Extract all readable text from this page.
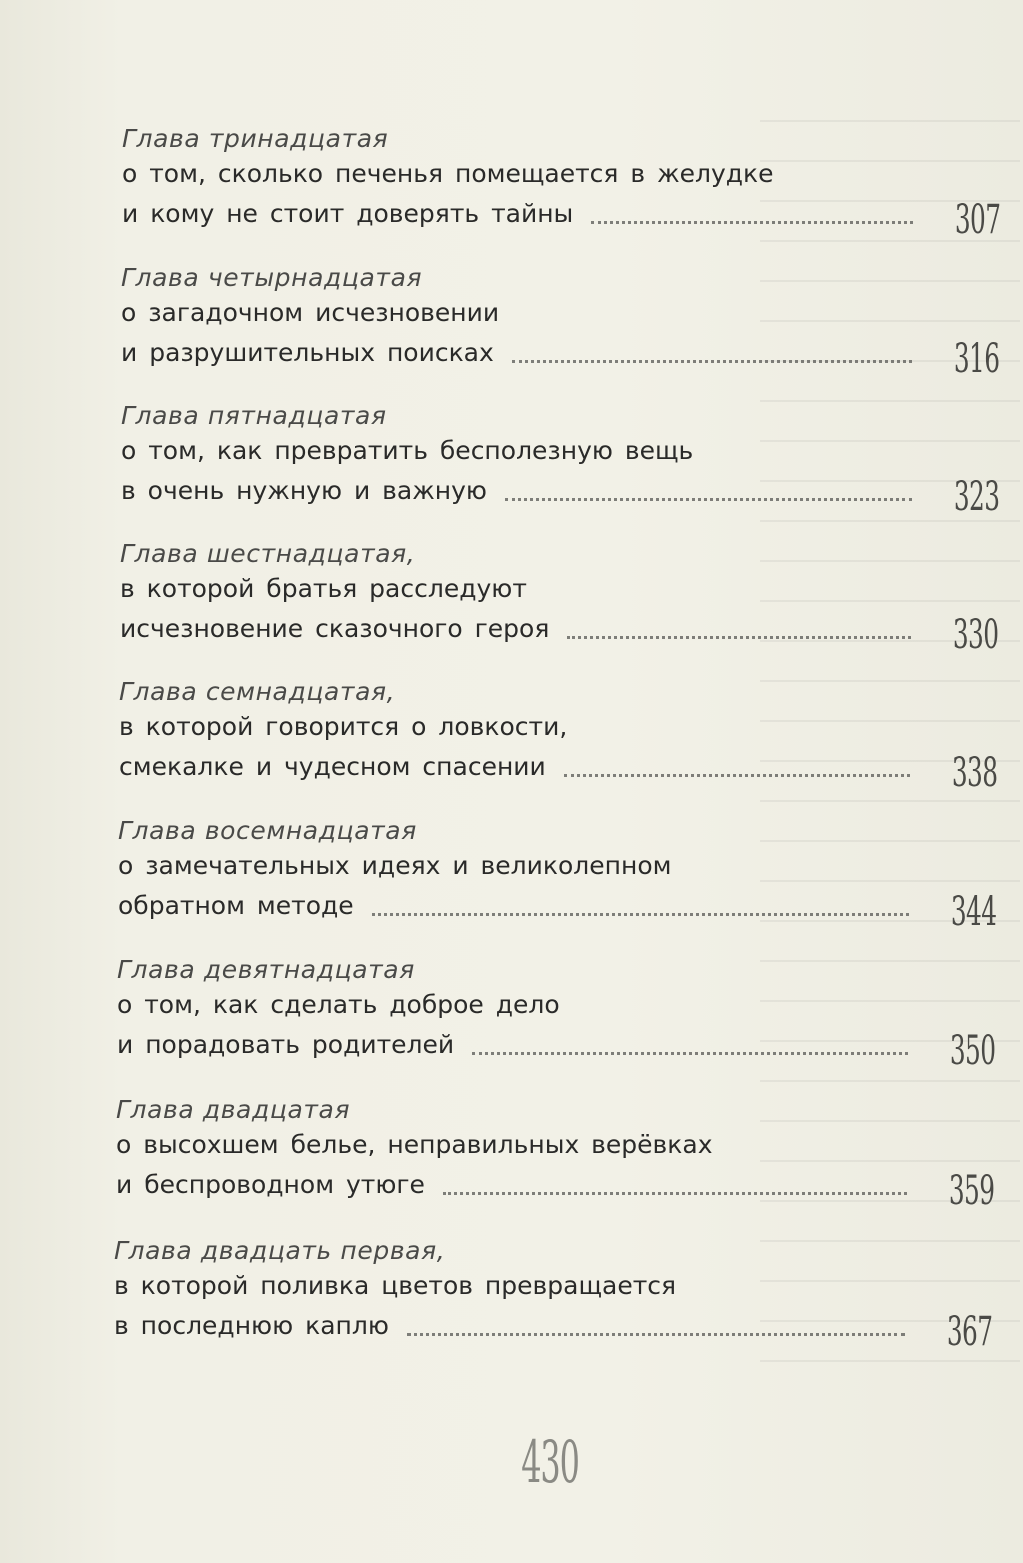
Глава тринадцатая
о том, сколько печенья помещается в желудке
и кому не стоит доверять тайны	307
Глава четырнадцатая
о загадочном исчезновении
и разрушительных поисках	316
Глава пятнадцатая
о том, как превратить бесполезную вещь
в очень нужную и важную	323
Глава шестнадцатая,
в которой братья расследуют
исчезновение сказочного героя	330
Глава семнадцатая,
в которой говорится о ловкости,
смекалке и чудесном спасении	338
Глава восемнадцатая
о замечательных идеях и великолепном
обратном методе	344
Глава девятнадцатая
о том, как сделать доброе дело
и порадовать родителей	350
Глава двадцатая
о высохшем белье, неправильных верёвках
и беспроводном утюге	359
Глава двадцать первая,
в которой поливка цветов превращается
в последнюю каплю	367
430
